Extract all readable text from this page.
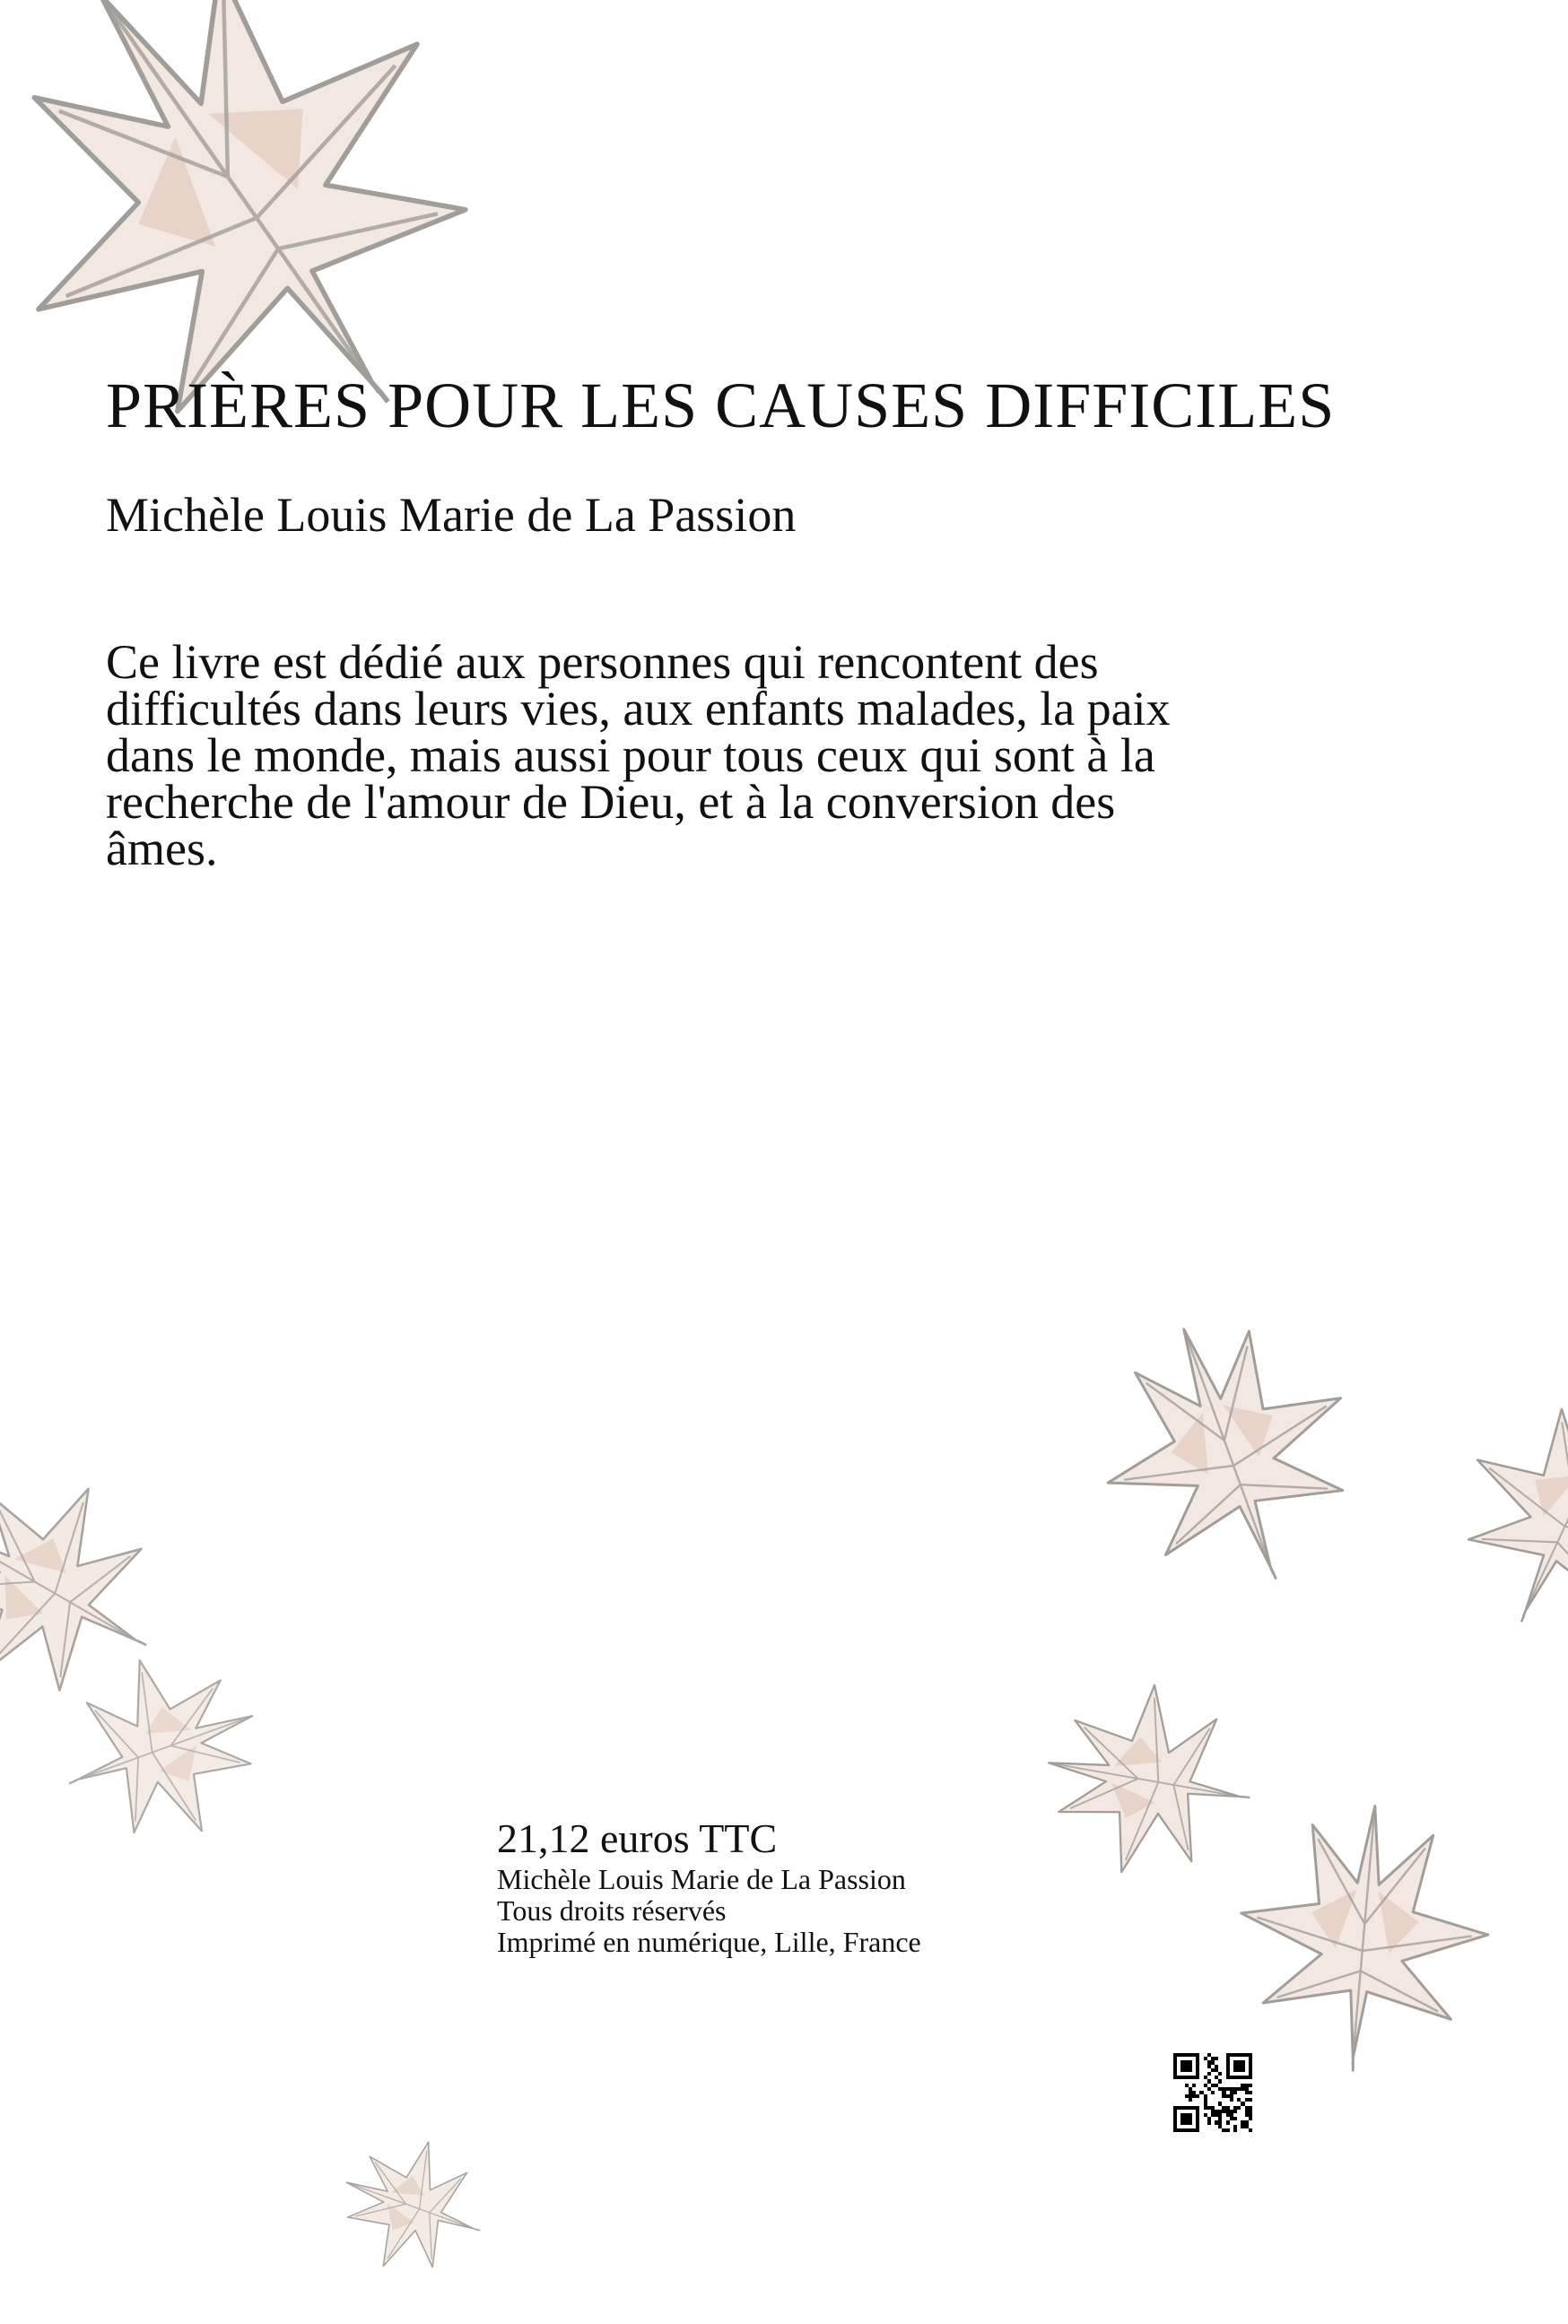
PRIÈRES POUR LES CAUSES DIFFICILES

Michèle Louis Marie de La Passion

Ce livre est dédié aux personnes qui rencontent des difficultés dans leurs vies, aux enfants malades, la paix dans le monde, mais aussi pour tous ceux qui sont à la recherche de l'amour de Dieu, et à la conversion des âmes.

21,12 euros TTC

Michèle Louis Marie de La Passion

Tous droits réservés

Imprimé en numérique, Lille, France
